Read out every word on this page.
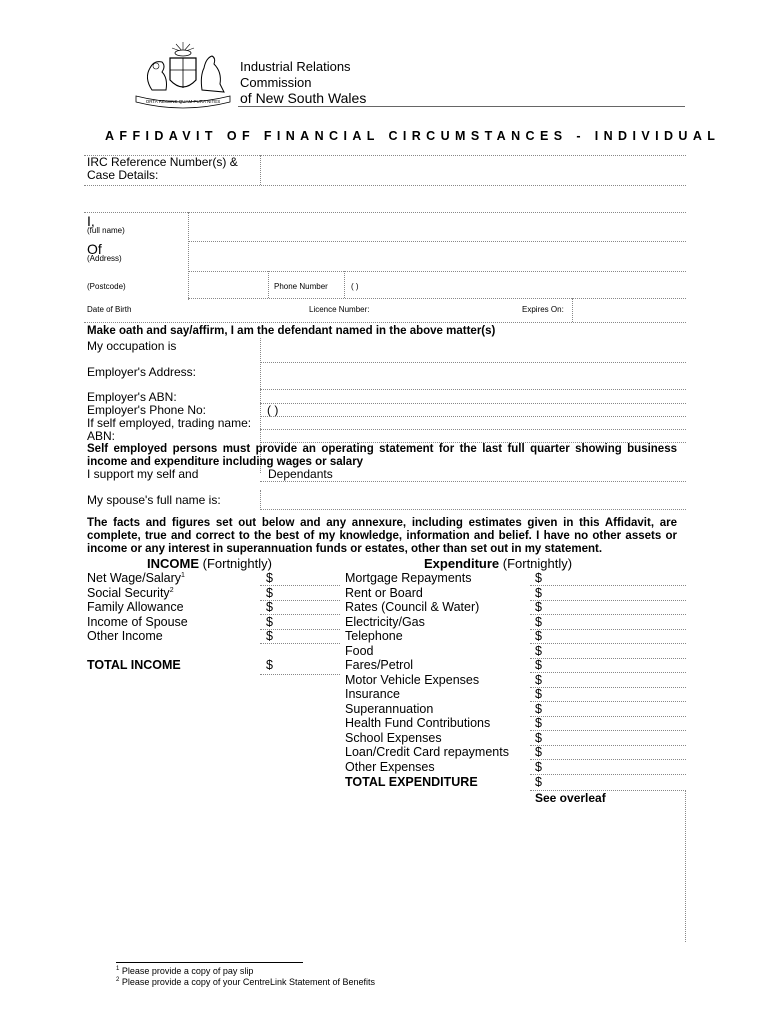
ORTA RECENS QUAM PURA NITES
Industrial Relations
Commission
of New South Wales
AFFIDAVIT OF FINANCIAL CIRCUMSTANCES - INDIVIDUAL
IRC Reference Number(s) &
Case Details:
I,
(full name)
Of
(Address)
(Postcode)	Phone Number	( )
Date of Birth	Licence Number:	Expires On:
Make oath and say/affirm, I am the defendant named in the above matter(s)
My occupation is
Employer's Address:
Employer's ABN:
Employer's Phone No:	( )
If self employed, trading name:
ABN:
Self employed persons must provide an operating statement for the last full quarter showing business income and expenditure including wages or salary
I support my self and	Dependants
My spouse's full name is:
The facts and figures set out below and any annexure, including estimates given in this Affidavit, are complete, true and correct to the best of my knowledge, information and belief. I have no other assets or income or any interest in superannuation funds or estates, other than set out in my statement.
INCOME (Fortnightly)	Expenditure (Fortnightly)
Net Wage/Salary$^1$	$
Social Security$^2$	$
Family Allowance	$
Income of Spouse	$
Other Income	$
Mortgage Repayments	$
Rent or Board	$
Rates (Council & Water)	$
Electricity/Gas	$
Telephone	$
Food	$
Fares/Petrol	$
Motor Vehicle Expenses	$
Insurance	$
Superannuation	$
Health Fund Contributions	$
School Expenses	$
Loan/Credit Card repayments $
Other Expenses	$
TOTAL INCOME	$
TOTAL EXPENDITURE	$
See overleaf
$^1$ Please provide a copy of pay slip
$^2$ Please provide a copy of your CentreLink Statement of Benefits
